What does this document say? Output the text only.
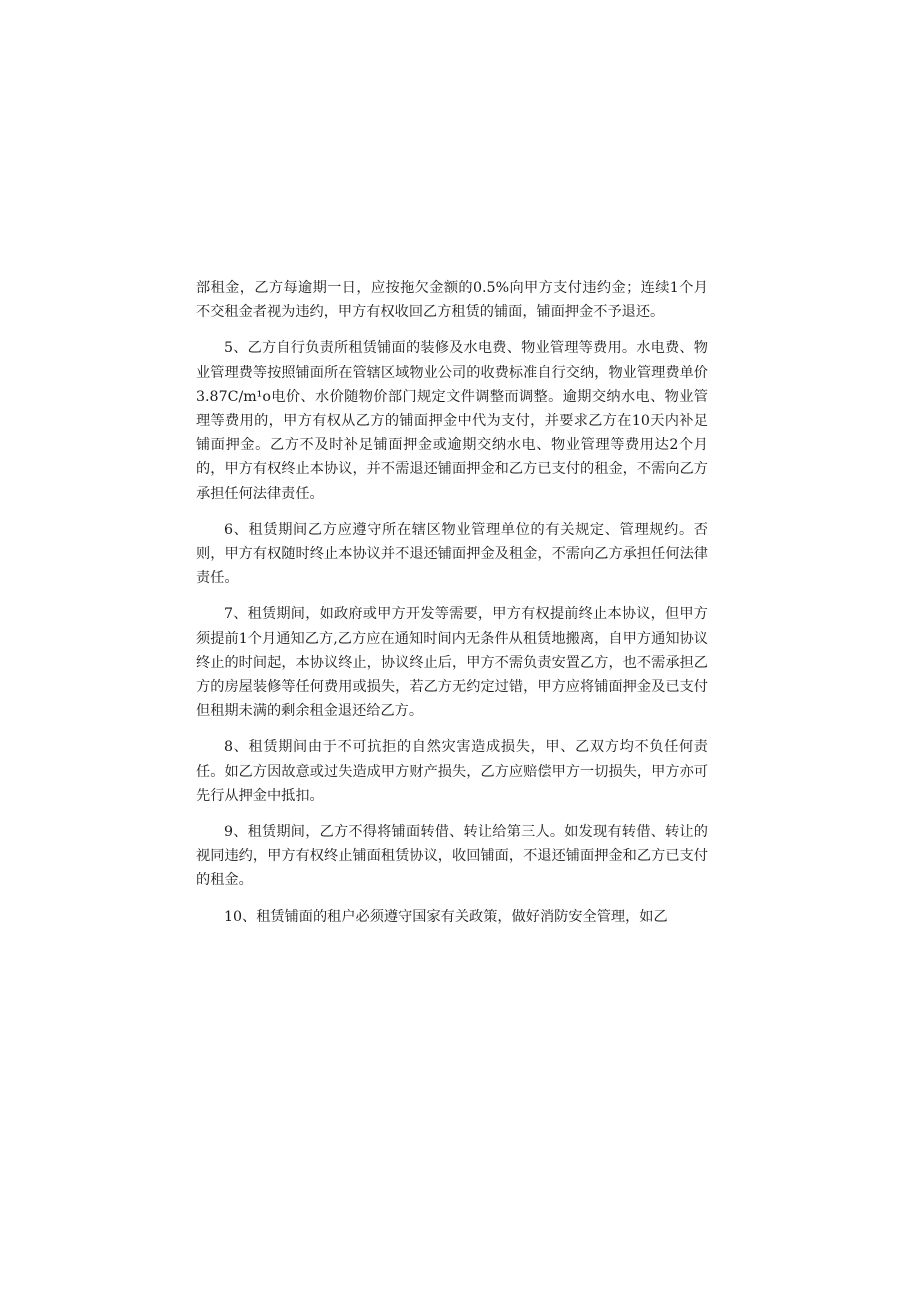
部租金，乙方每逾期一日，应按拖欠金额的0.5%向甲方支付违约金；连续1个月不交租金者视为违约，甲方有权收回乙方租赁的铺面，铺面押金不予退还。

5、乙方自行负责所租赁铺面的装修及水电费、物业管理等费用。水电费、物业管理费等按照铺面所在管辖区域物业公司的收费标准自行交纳，物业管理费单价3.87C∕m¹o电价、水价随物价部门规定文件调整而调整。逾期交纳水电、物业管理等费用的，甲方有权从乙方的铺面押金中代为支付，并要求乙方在10天内补足铺面押金。乙方不及时补足铺面押金或逾期交纳水电、物业管理等费用达2个月的，甲方有权终止本协议，并不需退还铺面押金和乙方已支付的租金，不需向乙方承担任何法律责任。

6、租赁期间乙方应遵守所在辖区物业管理单位的有关规定、管理规约。否则，甲方有权随时终止本协议并不退还铺面押金及租金，不需向乙方承担任何法律责任。

7、租赁期间，如政府或甲方开发等需要，甲方有权提前终止本协议，但甲方须提前1个月通知乙方,乙方应在通知时间内无条件从租赁地搬离，自甲方通知协议终止的时间起，本协议终止，协议终止后，甲方不需负责安置乙方，也不需承担乙方的房屋装修等任何费用或损失，若乙方无约定过错，甲方应将铺面押金及已支付但租期未满的剩余租金退还给乙方。

8、租赁期间由于不可抗拒的自然灾害造成损失，甲、乙双方均不负任何责任。如乙方因故意或过失造成甲方财产损失，乙方应赔偿甲方一切损失，甲方亦可先行从押金中抵扣。

9、租赁期间，乙方不得将铺面转借、转让给第三人。如发现有转借、转让的视同违约，甲方有权终止铺面租赁协议，收回铺面，不退还铺面押金和乙方已支付的租金。

10、租赁铺面的租户必须遵守国家有关政策，做好消防安全管理，如乙
